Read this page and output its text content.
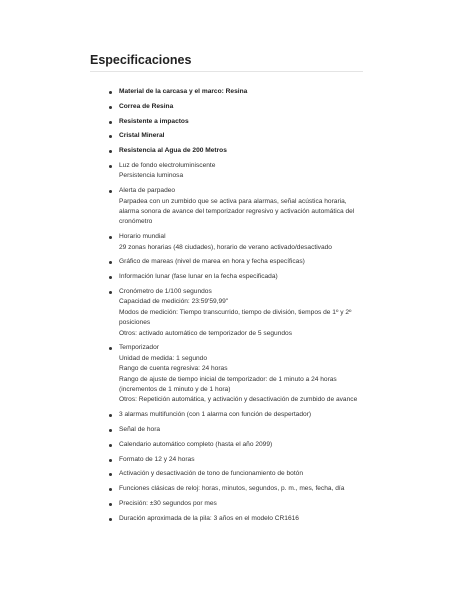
Especificaciones
Material de la carcasa y el marco: Resina
Correa de Resina
Resistente a impactos
Cristal Mineral
Resistencia al Agua de 200 Metros
Luz de fondo electroluminiscente
Persistencia luminosa
Alerta de parpadeo
Parpadea con un zumbido que se activa para alarmas, señal acústica horaria, alarma sonora de avance del temporizador regresivo y activación automática del cronómetro
Horario mundial
29 zonas horarias (48 ciudades), horario de verano activado/desactivado
Gráfico de mareas (nivel de marea en hora y fecha específicas)
Información lunar (fase lunar en la fecha especificada)
Cronómetro de 1/100 segundos
Capacidad de medición: 23:59'59,99"
Modos de medición: Tiempo transcurrido, tiempo de división, tiempos de 1º y 2º posiciones
Otros: activado automático de temporizador de 5 segundos
Temporizador
Unidad de medida: 1 segundo
Rango de cuenta regresiva: 24 horas
Rango de ajuste de tiempo inicial de temporizador: de 1 minuto a 24 horas (incrementos de 1 minuto y de 1 hora)
Otros: Repetición automática, y activación y desactivación de zumbido de avance
3 alarmas multifunción (con 1 alarma con función de despertador)
Señal de hora
Calendario automático completo (hasta el año 2099)
Formato de 12 y 24 horas
Activación y desactivación de tono de funcionamiento de botón
Funciones clásicas de reloj: horas, minutos, segundos, p. m., mes, fecha, día
Precisión: ±30 segundos por mes
Duración aproximada de la pila: 3 años en el modelo CR1616
